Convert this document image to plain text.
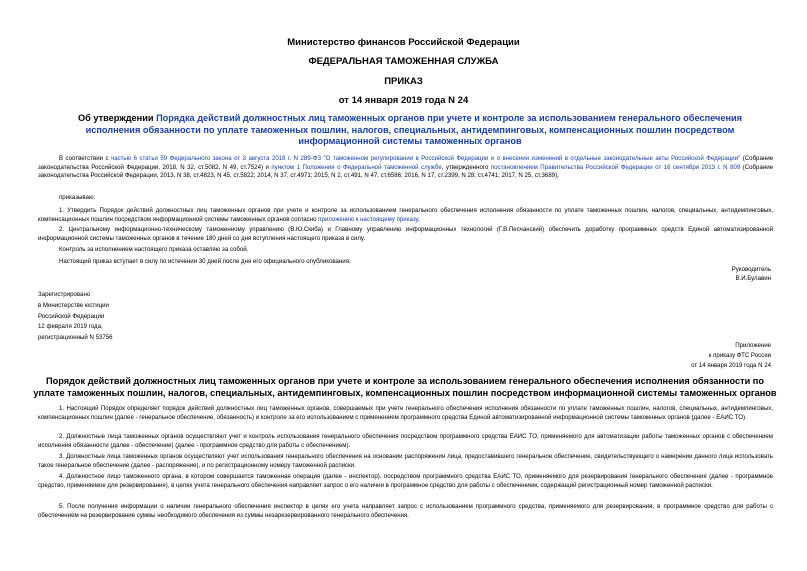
Министерство финансов Российской Федерации
ФЕДЕРАЛЬНАЯ ТАМОЖЕННАЯ СЛУЖБА
ПРИКАЗ
от 14 января 2019 года N 24
Об утверждении Порядка действий должностных лиц таможенных органов при учете и контроле за использованием генерального обеспечения исполнения обязанности по уплате таможенных пошлин, налогов, специальных, антидемпинговых, компенсационных пошлин посредством информационной системы таможенных органов
В соответствии с частью 6 статьи 59 Федерального закона от 3 августа 2018 г. N 289-ФЗ "О таможенном регулировании в Российской Федерации и о внесении изменений в отдельные законодательные акты Российской Федерации" (Собрание законодательства Российской Федерации, 2018, N 32, ст.5082, N 49, ст.7524) и пунктом 1 Положения о Федеральной таможенной службе, утвержденного постановлением Правительства Российской Федерации от 16 сентября 2013 г. N 809 (Собрание законодательства Российской Федерации, 2013, N 38, ст.4823, N 45, ст.5822; 2014, N 37, ст.4971; 2015, N 2, ст.491, N 47, ст.6586; 2016, N 17, ст.2399, N 28, ст.4741; 2017, N 25, ст.3689),
приказываю:
1. Утвердить Порядок действий должностных лиц таможенных органов при учете и контроле за использованием генерального обеспечения исполнения обязанности по уплате таможенных пошлин, налогов, специальных, антидемпинговых, компенсационных пошлин посредством информационной системы таможенных органов согласно приложению к настоящему приказу.
2. Центральному информационно-техническому таможенному управлению (В.Ю.Скиба) и Главному управлению информационных технологий (Г.В.Песчанский) обеспечить доработку программных средств Единой автоматизированной информационной системы таможенных органов в течение 180 дней со дня вступления настоящего приказа в силу.
Контроль за исполнением настоящего приказа оставляю за собой.
Настоящий приказ вступает в силу по истечении 30 дней после дня его официального опубликования.
Руководитель
В.И.Булавин
Зарегистрировано
в Министерстве юстиции
Российской Федерации
12 февраля 2019 года,
регистрационный N 53756
Приложение
к приказу ФТС России
от 14 января 2019 года N 24
Порядок действий должностных лиц таможенных органов при учете и контроле за использованием генерального обеспечения исполнения обязанности по уплате таможенных пошлин, налогов, специальных, антидемпинговых, компенсационных пошлин посредством информационной системы таможенных органов
1. Настоящий Порядок определяет порядок действий должностных лиц таможенных органов, совершаемых при учете генерального обеспечения исполнения обязанности по уплате таможенных пошлин, налогов, специальных, антидемпинговых, компенсационных пошлин (далее - генеральное обеспечение, обязанность) и контроле за его использованием с применением программного средства Единой автоматизированной информационной системы таможенных органов (далее - ЕАИС ТО).
2. Должностные лица таможенных органов осуществляют учет и контроль использования генерального обеспечения посредством программного средства ЕАИС ТО, применяемого для автоматизации работы таможенных органов с обеспечением исполнения обязанности (далее - обеспечение) (далее - программное средство для работы с обеспечением).
3. Должностные лица таможенных органов осуществляют учет использования генерального обеспечения на основании распоряжения лица, предоставившего генеральное обеспечение, свидетельствующего о намерении данного лица использовать такое генеральное обеспечение (далее - распоряжение), и по регистрационному номеру таможенной расписки.
4. Должностное лицо таможенного органа, в котором совершается таможенная операция (далее - инспектор), посредством программного средства ЕАИС ТО, применяемого для резервирования генерального обеспечения (далее - программное средство, применяемое для резервирования), в целях учета генерального обеспечения направляет запрос о его наличии в программное средство для работы с обеспечением, содержащий регистрационный номер таможенной расписки.
5. После получения информации о наличии генерального обеспечения инспектор в целях его учета направляет запрос с использованием программного средства, применяемого для резервирования, в программное средство для работы с обеспечением на резервирование суммы необходимого обеспечения из суммы незарезервированного генерального обеспечения.
